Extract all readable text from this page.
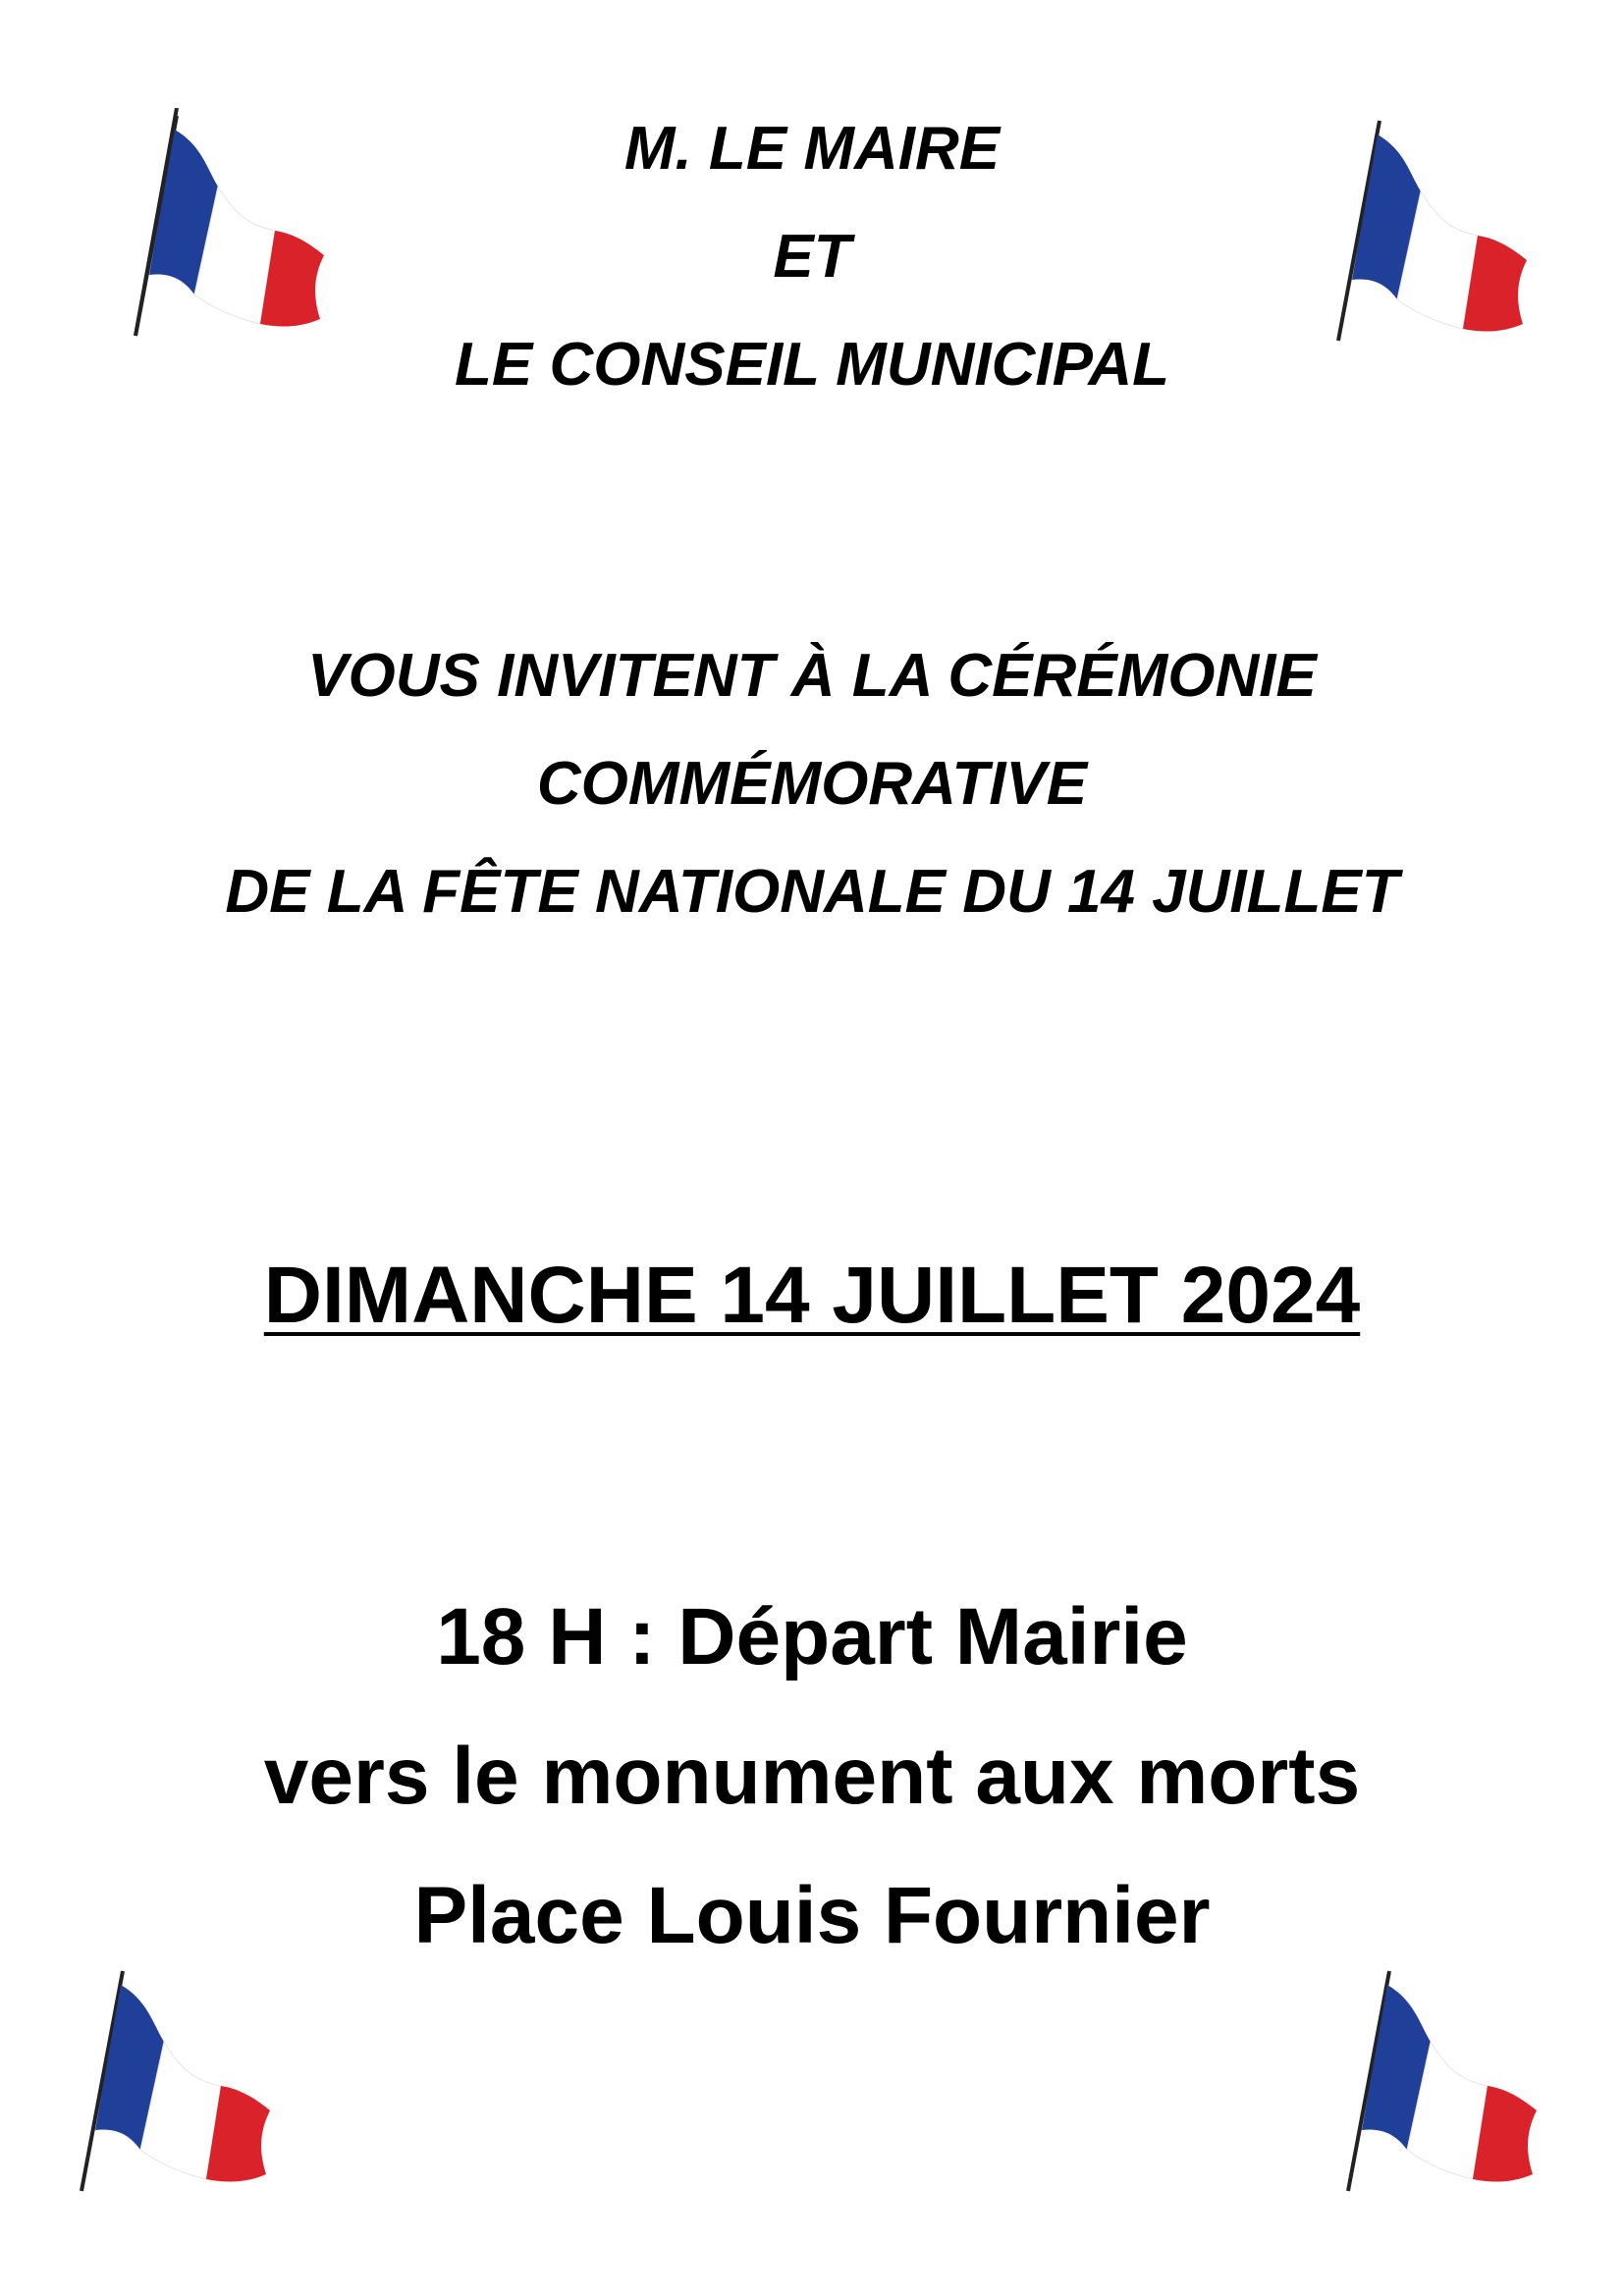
M. LE MAIRE
ET
LE CONSEIL MUNICIPAL
VOUS INVITENT À LA CÉRÉMONIE
COMMÉMORATIVE
DE LA FÊTE NATIONALE DU 14 JUILLET
DIMANCHE 14 JUILLET 2024
18 H : Départ Mairie
vers le monument aux morts
Place Louis Fournier
